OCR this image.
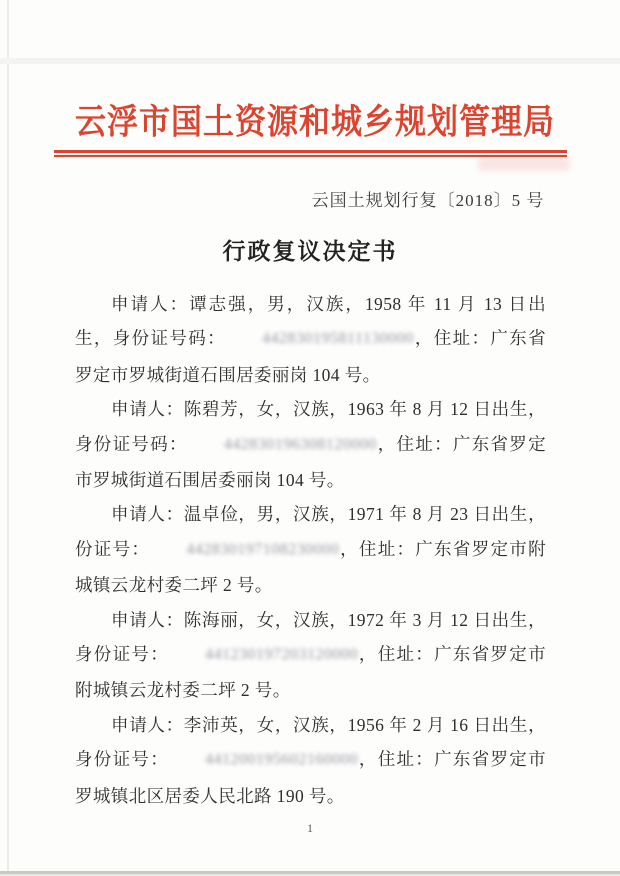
云浮市国土资源和城乡规划管理局
云国土规划行复〔2018〕5 号
行政复议决定书

申请人：谭志强，男，汉族，1958 年 11 月 13 日出生，身份证号码： 442830195811130000，住址：广东省罗定市罗城街道石围居委丽岗 104 号。

申请人：陈碧芳，女，汉族，1963 年 8 月 12 日出生，身份证号码： 442830196308120000，住址：广东省罗定市罗城街道石围居委丽岗 104 号。

申请人：温卓俭，男，汉族，1971 年 8 月 23 日出生，份证号： 442830197108230000，住址：广东省罗定市附城镇云龙村委二坪 2 号。

申请人：陈海丽，女，汉族，1972 年 3 月 12 日出生，身份证号： 441230197203120000，住址：广东省罗定市附城镇云龙村委二坪 2 号。

申请人：李沛英，女，汉族，1956 年 2 月 16 日出生，身份证号： 441200195602160000，住址：广东省罗定市罗城镇北区居委人民北路 190 号。

1
